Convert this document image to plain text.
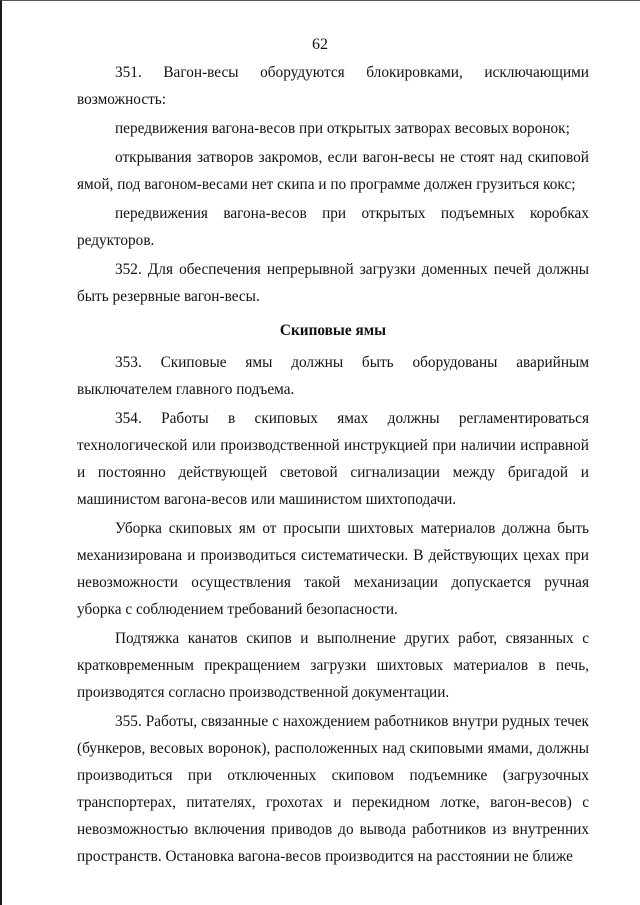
62

351. Вагон-весы оборудуются блокировками, исключающими возможность:

передвижения вагона-весов при открытых затворах весовых воронок;

открывания затворов закромов, если вагон-весы не стоят над скиповой ямой, под вагоном-весами нет скипа и по программе должен грузиться кокс;

передвижения вагона-весов при открытых подъемных коробках редукторов.

352. Для обеспечения непрерывной загрузки доменных печей должны быть резервные вагон-весы.

Скиповые ямы

353. Скиповые ямы должны быть оборудованы аварийным выключателем главного подъема.

354. Работы в скиповых ямах должны регламентироваться технологической или производственной инструкцией при наличии исправной и постоянно действующей световой сигнализации между бригадой и машинистом вагона-весов или машинистом шихтоподачи.

Уборка скиповых ям от просыпи шихтовых материалов должна быть механизирована и производиться систематически. В действующих цехах при невозможности осуществления такой механизации допускается ручная уборка с соблюдением требований безопасности.

Подтяжка канатов скипов и выполнение других работ, связанных с кратковременным прекращением загрузки шихтовых материалов в печь, производятся согласно производственной документации.

355. Работы, связанные с нахождением работников внутри рудных течек (бункеров, весовых воронок), расположенных над скиповыми ямами, должны производиться при отключенных скиповом подъемнике (загрузочных транспортерах, питателях, грохотах и перекидном лотке, вагон-весов) с невозможностью включения приводов до вывода работников из внутренних пространств. Остановка вагона-весов производится на расстоянии не ближе
